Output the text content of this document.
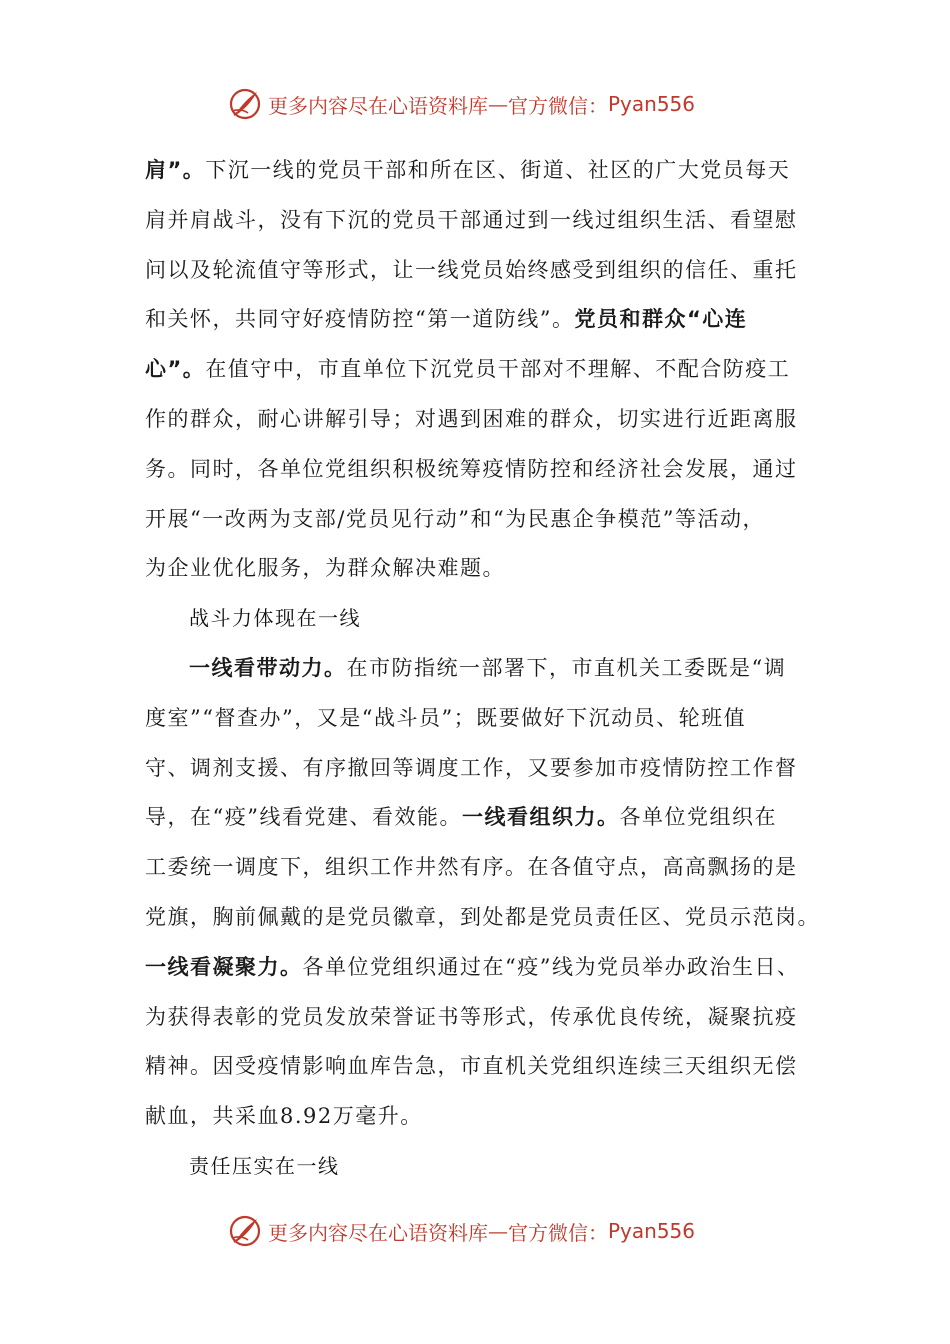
更多内容尽在心语资料库 — 官方微信： Pyan556
肩”。下沉一线的党员干部和所在区、街道、社区的广大党员每天
肩并肩战斗，没有下沉的党员干部通过到一线过组织生活、看望慰
问以及轮流值守等形式，让一线党员始终感受到组织的信任、重托
和关怀，共同守好疫情防控“第一道防线”。党员和群众“心连
心”。在值守中，市直单位下沉党员干部对不理解、不配合防疫工
作的群众，耐心讲解引导；对遇到困难的群众，切实进行近距离服
务。同时，各单位党组织积极统筹疫情防控和经济社会发展，通过
开展“一改两为支部/党员见行动”和“为民惠企争模范”等活动，
为企业优化服务，为群众解决难题。
战斗力体现在一线
一线看带动力。在市防指统一部署下，市直机关工委既是“调
度室”“督查办”，又是“战斗员”；既要做好下沉动员、轮班值
守、调剂支援、有序撤回等调度工作，又要参加市疫情防控工作督
导，在“疫”线看党建、看效能。一线看组织力。各单位党组织在
工委统一调度下，组织工作井然有序。在各值守点，高高飘扬的是
党旗，胸前佩戴的是党员徽章，到处都是党员责任区、党员示范岗。
一线看凝聚力。各单位党组织通过在“疫”线为党员举办政治生日、
为获得表彰的党员发放荣誉证书等形式，传承优良传统，凝聚抗疫
精神。因受疫情影响血库告急，市直机关党组织连续三天组织无偿
献血，共采血8.92万毫升。
责任压实在一线
更多内容尽在心语资料库 — 官方微信： Pyan556
